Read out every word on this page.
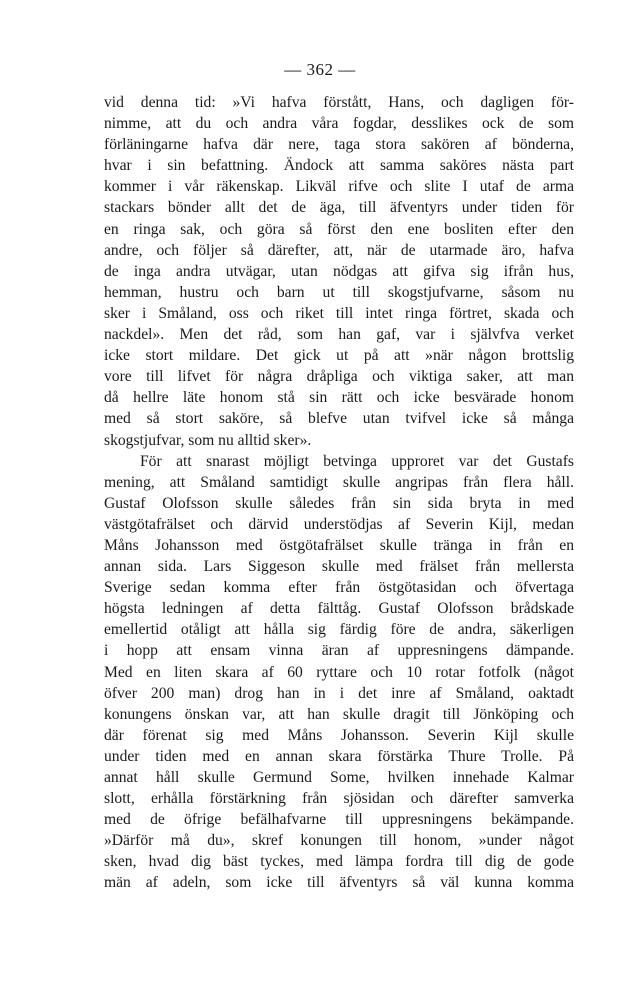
— 362 —
vid denna tid: »Vi hafva förstått, Hans, och dagligen för-
nimme, att du och andra våra fogdar, desslikes ock de som
förläningarne hafva där nere, taga stora sakören af bönderna,
hvar i sin befattning. Ändock att samma saköres nästa part
kommer i vår räkenskap. Likväl rifve och slite I utaf de arma
stackars bönder allt det de äga, till äfventyrs under tiden för
en ringa sak, och göra så först den ene bosliten efter den
andre, och följer så därefter, att, när de utarmade äro, hafva
de inga andra utvägar, utan nödgas att gifva sig ifrån hus,
hemman, hustru och barn ut till skogstjufvarne, såsom nu
sker i Småland, oss och riket till intet ringa förtret, skada och
nackdel». Men det råd, som han gaf, var i självfva verket
icke stort mildare. Det gick ut på att »när någon brottslig
vore till lifvet för några dråpliga och viktiga saker, att man
då hellre läte honom stå sin rätt och icke besvärade honom
med så stort saköre, så blefve utan tvifvel icke så många
skogstjufvar, som nu alltid sker».
För att snarast möjligt betvinga upproret var det Gustafs
mening, att Småland samtidigt skulle angripas från flera håll.
Gustaf Olofsson skulle således från sin sida bryta in med
västgötafrälset och därvid understödjas af Severin Kijl, medan
Måns Johansson med östgötafrälset skulle tränga in från en
annan sida. Lars Siggeson skulle med frälset från mellersta
Sverige sedan komma efter från östgötasidan och öfvertaga
högsta ledningen af detta fälttåg. Gustaf Olofsson brådskade
emellertid otåligt att hålla sig färdig före de andra, säkerligen
i hopp att ensam vinna äran af uppresningens dämpande.
Med en liten skara af 60 ryttare och 10 rotar fotfolk (något
öfver 200 man) drog han in i det inre af Småland, oaktadt
konungens önskan var, att han skulle dragit till Jönköping och
där förenat sig med Måns Johansson. Severin Kijl skulle
under tiden med en annan skara förstärka Thure Trolle. På
annat håll skulle Germund Some, hvilken innehade Kalmar
slott, erhålla förstärkning från sjösidan och därefter samverka
med de öfrige befälhafvarne till uppresningens bekämpande.
»Därför må du», skref konungen till honom, »under något
sken, hvad dig bäst tyckes, med lämpa fordra till dig de gode
män af adeln, som icke till äfventyrs så väl kunna komma
